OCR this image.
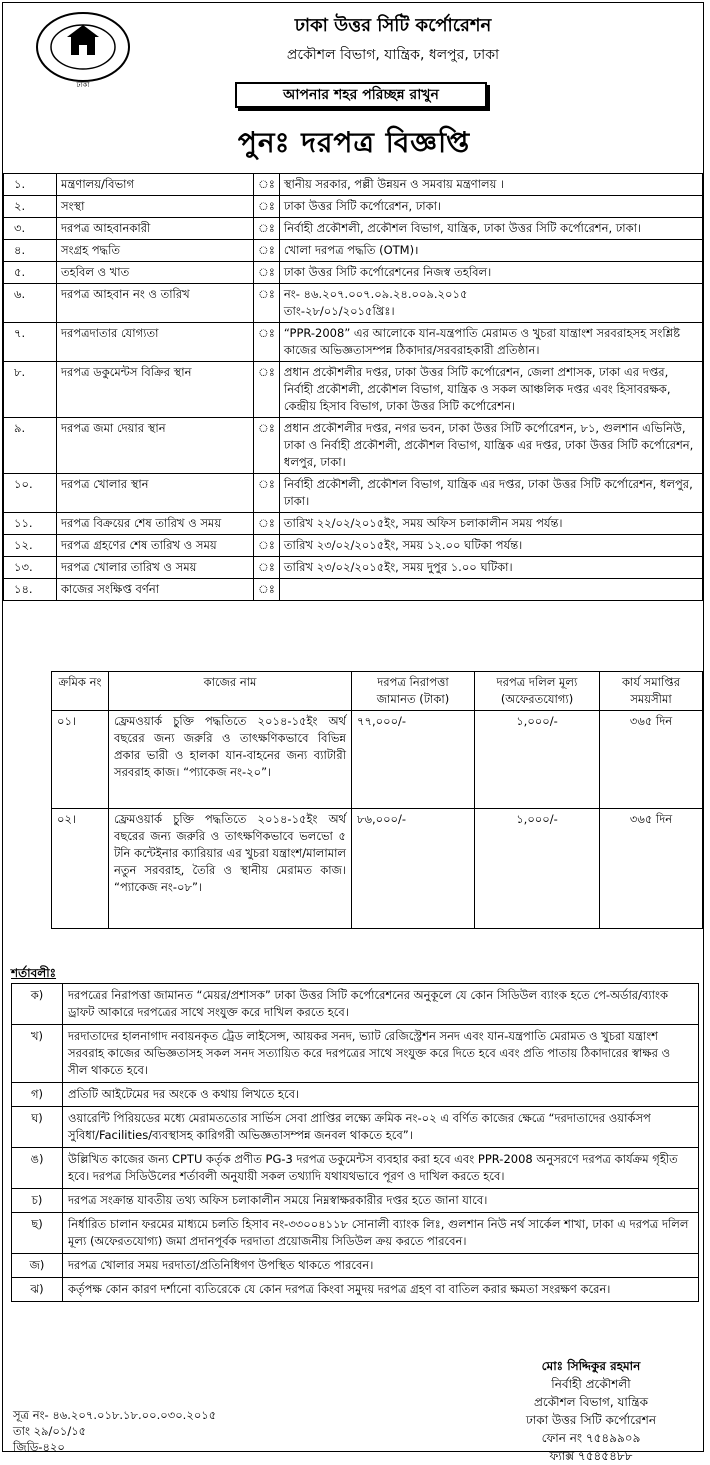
ঢাকা
ঢাকা উত্তর সিটি কর্পোরেশন
প্রকৌশল বিভাগ, যান্ত্রিক, ধলপুর, ঢাকা
আপনার শহর পরিচ্ছন্ন রাখুন
পুনঃ দরপত্র বিজ্ঞপ্তি
১.	মন্ত্রণালয়/বিভাগ	ঃ	স্থানীয় সরকার, পল্লী উন্নয়ন ও সমবায় মন্ত্রণালয় ।

২.	সংস্থা	ঃ	ঢাকা উত্তর সিটি কর্পোরেশন, ঢাকা।

৩.	দরপত্র আহবানকারী	ঃ	নির্বাহী প্রকৌশলী, প্রকৌশল বিভাগ, যান্ত্রিক, ঢাকা উত্তর সিটি কর্পোরেশন, ঢাকা।

৪.	সংগ্রহ পদ্ধতি	ঃ	খোলা দরপত্র পদ্ধতি (OTM)।

৫.	তহবিল ও খাত	ঃ	ঢাকা উত্তর সিটি কর্পোরেশনের নিজস্ব তহবিল।

৬.	দরপত্র আহবান নং ও তারিখ	ঃ	নং- ৪৬.২০৭.০০৭.০৯.২৪.০০৯.২০১৫
তাং-২৮/০১/২০১৫খ্রিঃ।

৭.	দরপত্রদাতার যোগ্যতা	ঃ	“PPR-2008” এর আলোকে যান-যন্ত্রপাতি মেরামত ও খুচরা যান্ত্রাংশ সরবরাহসহ সংশ্লিষ্ট কাজের অভিজ্ঞতাসম্পন্ন ঠিকাদার/সরবরাহকারী প্রতিষ্ঠান।

৮.	দরপত্র ডকুমেন্টস বিক্রির স্থান	ঃ	প্রধান প্রকৌশলীর দপ্তর, ঢাকা উত্তর সিটি কর্পোরেশন, জেলা প্রশাসক, ঢাকা এর দপ্তর, নির্বাহী প্রকৌশলী, প্রকৌশল বিভাগ, যান্ত্রিক ও সকল আঞ্চলিক দপ্তর এবং হিসাবরক্ষক, কেন্দ্রীয় হিসাব বিভাগ, ঢাকা উত্তর সিটি কর্পোরেশন।

৯.	দরপত্র জমা দেয়ার স্থান	ঃ	প্রধান প্রকৌশলীর দপ্তর, নগর ভবন, ঢাকা উত্তর সিটি কর্পোরেশন, ৮১, গুলশান এভিনিউ, ঢাকা ও নির্বাহী প্রকৌশলী, প্রকৌশল বিভাগ, যান্ত্রিক এর দপ্তর, ঢাকা উত্তর সিটি কর্পোরেশন, ধলপুর, ঢাকা।

১০.	দরপত্র খোলার স্থান	ঃ	নির্বাহী প্রকৌশলী, প্রকৌশল বিভাগ, যান্ত্রিক এর দপ্তর, ঢাকা উত্তর সিটি কর্পোরেশন, ধলপুর, ঢাকা।

১১.	দরপত্র বিক্রয়ের শেষ তারিখ ও সময়	ঃ	তারিখ ২২/০২/২০১৫ইং, সময় অফিস চলাকালীন সময় পর্যন্ত।

১২.	দরপত্র গ্রহণের শেষ তারিখ ও সময়	ঃ	তারিখ ২৩/০২/২০১৫ইং, সময় ১২.০০ ঘটিকা পর্যন্ত।

১৩.	দরপত্র খোলার তারিখ ও সময়	ঃ	তারিখ ২৩/০২/২০১৫ইং, সময় দুপুর ১.০০ ঘটিকা।

১৪.	কাজের সংক্ষিপ্ত বর্ণনা	ঃ	
ক্রমিক নং	কাজের নাম	দরপত্র নিরাপত্তা জামানত (টাকা)	দরপত্র দলিল মূল্য (অফেরতযোগ্য)	কার্য সমাপ্তির সময়সীমা
০১।	ফ্রেমওয়ার্ক চুক্তি পদ্ধতিতে ২০১৪-১৫ইং অর্থ বছরের জন্য জরুরি ও তাৎক্ষণিকভাবে বিভিন্ন প্রকার ভারী ও হালকা যান-বাহনের জন্য ব্যাটারী সরবরাহ কাজ। “প্যাকেজ নং-২০”।	৭৭,০০০/-	১,০০০/-	৩৬৫ দিন
০২।	ফ্রেমওয়ার্ক চুক্তি পদ্ধতিতে ২০১৪-১৫ইং অর্থ বছরের জন্য জরুরি ও তাৎক্ষণিকভাবে ভলভো ৫ টনি কন্টেইনার ক্যারিয়ার এর খুচরা যন্ত্রাংশ/মালামাল নতুন সরবরাহ, তৈরি ও স্থানীয় মেরামত কাজ। “প্যাকেজ নং-০৮”।	৮৬,০০০/-	১,০০০/-	৩৬৫ দিন
শর্তাবলীঃ
ক)	দরপত্রের নিরাপত্তা জামানত “মেয়র/প্রশাসক” ঢাকা উত্তর সিটি কর্পোরেশনের অনুকূলে যে কোন সিডিউল ব্যাংক হতে পে-অর্ডার/ব্যাংক ড্রাফট আকারে দরপত্রের সাথে সংযুক্ত করে দাখিল করতে হবে।
খ)	দরদাতাদের হালনাগাদ নবায়নকৃত ট্রেড লাইসেন্স, আয়কর সনদ, ভ্যাট রেজিস্ট্রেশন সনদ এবং যান-যন্ত্রপাতি মেরামত ও খুচরা যন্ত্রাংশ সরবরাহ কাজের অভিজ্ঞতাসহ সকল সনদ সত্যায়িত করে দরপত্রের সাথে সংযুক্ত করে দিতে হবে এবং প্রতি পাতায় ঠিকাদারের স্বাক্ষর ও সীল থাকতে হবে।
গ)	প্রতিটি আইটেমের দর অংকে ও কথায় লিখতে হবে।
ঘ)	ওয়ারেন্টি পিরিয়ডের মধ্যে মেরামততোর সার্ভিস সেবা প্রাপ্তির লক্ষ্যে ক্রমিক নং-০২ এ বর্ণিত কাজের ক্ষেত্রে “দরদাতাদের ওয়ার্কসপ সুবিধা/Facilities/ব্যবস্থাসহ কারিগরী অভিজ্ঞতাসম্পন্ন জনবল থাকতে হবে”।
ঙ)	উল্লিখিত কাজের জন্য CPTU কর্তৃক প্রণীত PG-3 দরপত্র ডকুমেন্টস ব্যবহার করা হবে এবং PPR-2008 অনুসরণে দরপত্র কার্যক্রম গৃহীত হবে। দরপত্র সিডিউলের শর্তাবলী অনুযায়ী সকল তথ্যাদি যথাযথভাবে পূরণ ও দাখিল করতে হবে।
চ)	দরপত্র সংক্রান্ত যাবতীয় তথ্য অফিস চলাকালীন সময়ে নিম্নস্বাক্ষরকারীর দপ্তর হতে জানা যাবে।
ছ)	নির্ধারিত চালান ফরমের মাধ্যমে চলতি হিসাব নং-৩৩০০৪১১৮ সোনালী ব্যাংক লিঃ, গুলশান নিউ নর্থ সার্কেল শাখা, ঢাকা এ দরপত্র দলিল মূল্য (অফেরতযোগ্য) জমা প্রদানপূর্বক দরদাতা প্রয়োজনীয় সিডিউল ক্রয় করতে পারবেন।
জ)	দরপত্র খোলার সময় দরদাতা/প্রতিনিধিগণ উপস্থিত থাকতে পারবেন।
ঝ)	কর্তৃপক্ষ কোন কারণ দর্শানো ব্যতিরেকে যে কোন দরপত্র কিংবা সমুদয় দরপত্র গ্রহণ বা বাতিল করার ক্ষমতা সংরক্ষণ করেন।
মোঃ সিদ্দিকুর রহমান
নির্বাহী প্রকৌশলী
প্রকৌশল বিভাগ, যান্ত্রিক
ঢাকা উত্তর সিটি কর্পোরেশন
ফোন নং ৭৫৪৯৯০৯
ফ্যাক্স ৭৫৪৫৪৮৮
সূত্র নং- ৪৬.২০৭.০১৮.১৮.০০.০৩০.২০১৫
তাং ২৯/০১/১৫
জিডি-৪২০
